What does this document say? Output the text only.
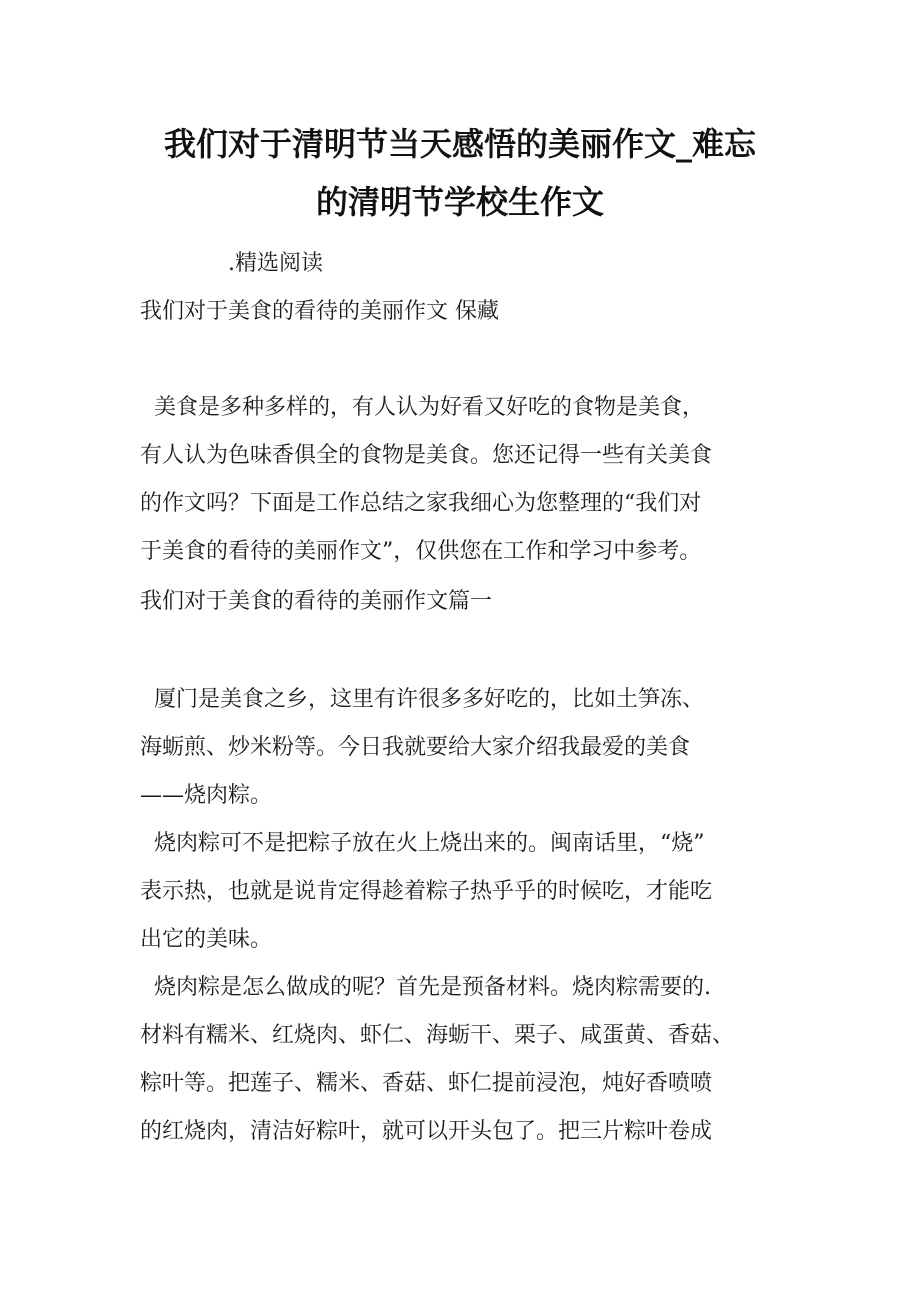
我们对于清明节当天感悟的美丽作文_难忘
的清明节学校生作文
.精选阅读
我们对于美食的看待的美丽作文 保藏
美食是多种多样的，有人认为好看又好吃的食物是美食，
有人认为色味香俱全的食物是美食。您还记得一些有关美食
的作文吗？下面是工作总结之家我细心为您整理的“我们对
于美食的看待的美丽作文”，仅供您在工作和学习中参考。
我们对于美食的看待的美丽作文篇一
厦门是美食之乡，这里有许很多多好吃的，比如土笋冻、
海蛎煎、炒米粉等。今日我就要给大家介绍我最爱的美食
——烧肉粽。
烧肉粽可不是把粽子放在火上烧出来的。闽南话里，“烧”
表示热，也就是说肯定得趁着粽子热乎乎的时候吃，才能吃
出它的美味。
烧肉粽是怎么做成的呢？首先是预备材料。烧肉粽需要的.
材料有糯米、红烧肉、虾仁、海蛎干、栗子、咸蛋黄、香菇、
粽叶等。把莲子、糯米、香菇、虾仁提前浸泡，炖好香喷喷
的红烧肉，清洁好粽叶，就可以开头包了。把三片粽叶卷成
